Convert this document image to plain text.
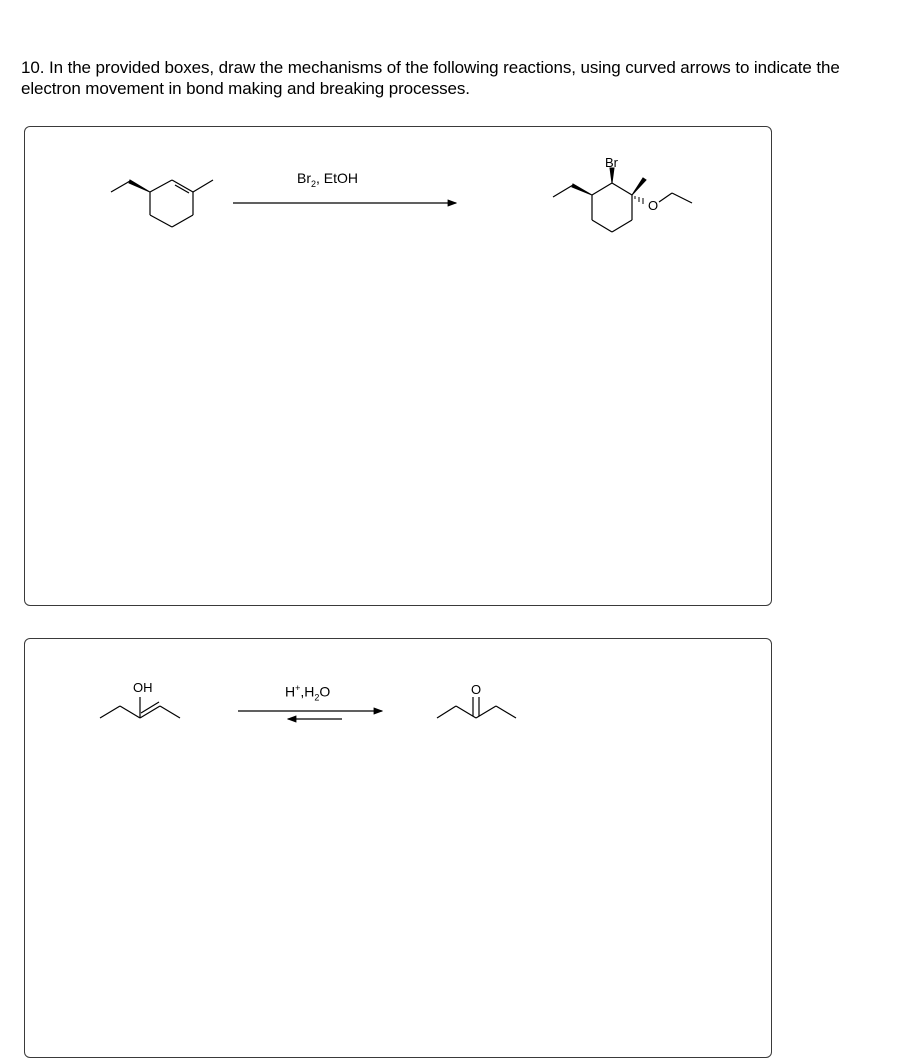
10. In the provided boxes, draw the mechanisms of the following reactions, using curved arrows to indicate the electron movement in bond making and breaking processes.
$Br_2$, EtOH
$H^+,H_2O$
Br
O
OH	O
